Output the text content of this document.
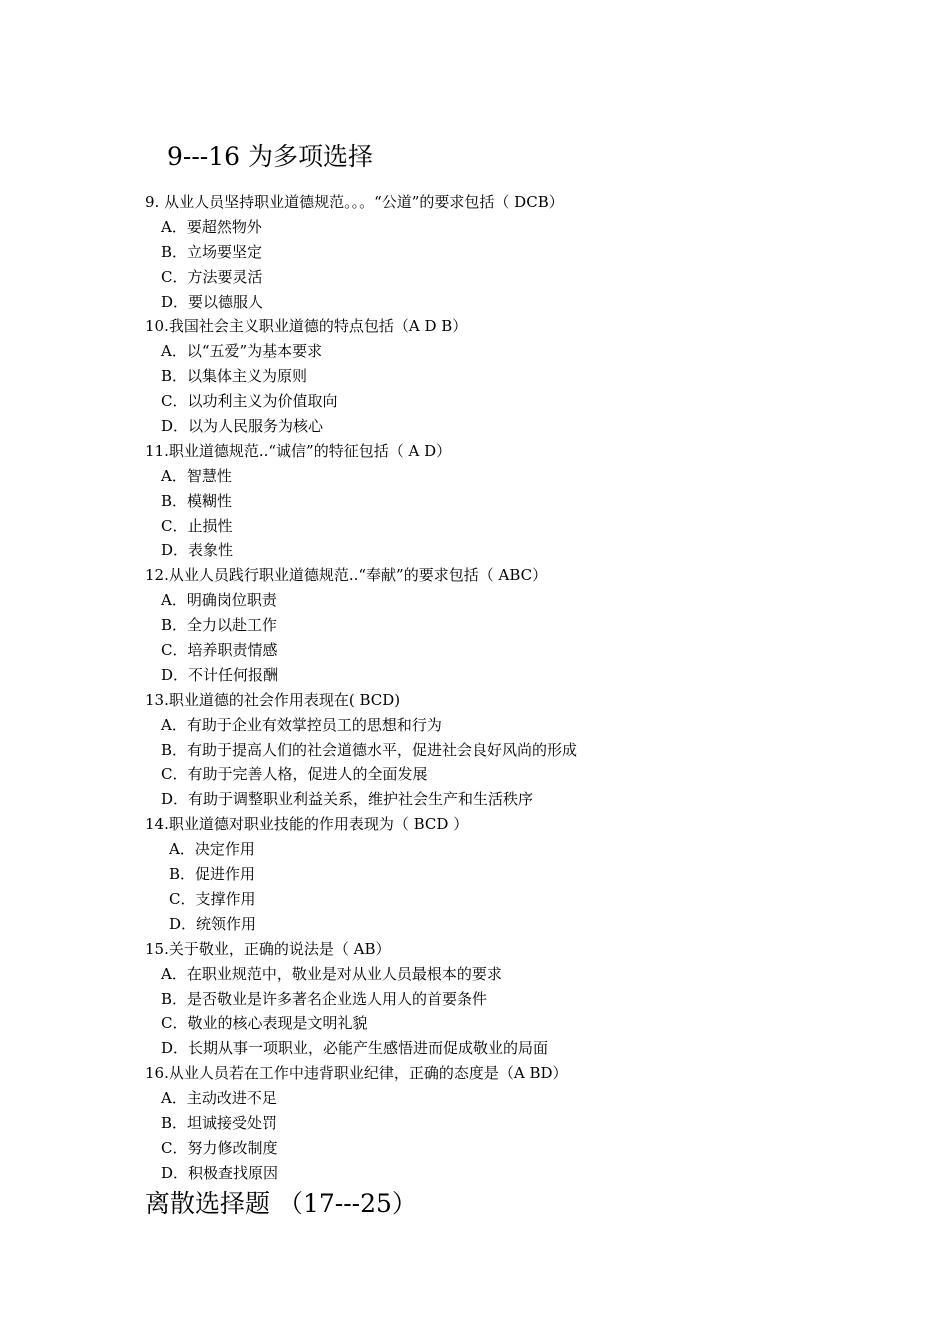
9---16 为多项选择
9. 从业人员坚持职业道德规范。。。“公道”的要求包括（ DCB）
A．要超然物外
B．立场要坚定
C．方法要灵活
D．要以德服人
10.我国社会主义职业道德的特点包括（A D B）
A．以“五爱”为基本要求
B．以集体主义为原则
C．以功利主义为价值取向
D．以为人民服务为核心
11.职业道德规范..“诚信”的特征包括（ A D）
A．智慧性
B．模糊性
C．止损性
D．表象性
12.从业人员践行职业道德规范..“奉献”的要求包括（ ABC）
A．明确岗位职责
B．全力以赴工作
C．培养职责情感
D．不计任何报酬
13.职业道德的社会作用表现在( BCD)
A．有助于企业有效掌控员工的思想和行为
B．有助于提高人们的社会道德水平，促进社会良好风尚的形成
C．有助于完善人格，促进人的全面发展
D．有助于调整职业利益关系，维护社会生产和生活秩序
14.职业道德对职业技能的作用表现为（ BCD ）
A．决定作用
B．促进作用
C．支撑作用
D．统领作用
15.关于敬业，正确的说法是（ AB）
A．在职业规范中，敬业是对从业人员最根本的要求
B．是否敬业是许多著名企业选人用人的首要条件
C．敬业的核心表现是文明礼貌
D．长期从事一项职业，必能产生感悟进而促成敬业的局面
16.从业人员若在工作中违背职业纪律，正确的态度是（A BD）
A．主动改进不足
B．坦诚接受处罚
C．努力修改制度
D．积极查找原因
离散选择题 （17---25）
